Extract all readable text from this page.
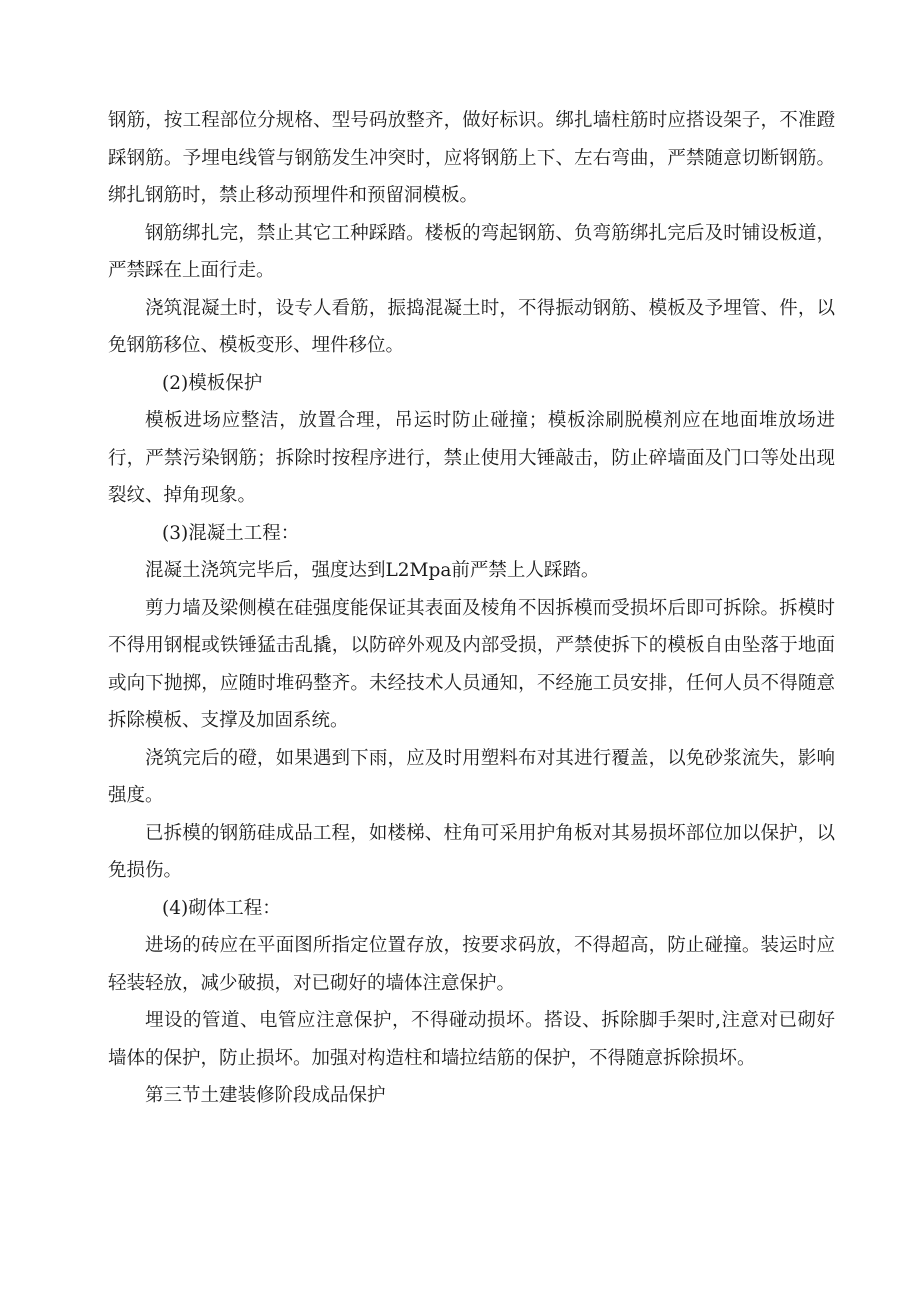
钢筋，按工程部位分规格、型号码放整齐，做好标识。绑扎墙柱筋时应搭设架子，不准蹬踩钢筋。予埋电线管与钢筋发生冲突时，应将钢筋上下、左右弯曲，严禁随意切断钢筋。绑扎钢筋时，禁止移动预埋件和预留洞模板。

钢筋绑扎完，禁止其它工种踩踏。楼板的弯起钢筋、负弯筋绑扎完后及时铺设板道，严禁踩在上面行走。

浇筑混凝土时，设专人看筋，振捣混凝土时，不得振动钢筋、模板及予埋管、件，以免钢筋移位、模板变形、埋件移位。

(2)模板保护

模板进场应整洁，放置合理，吊运时防止碰撞；模板涂刷脱模剂应在地面堆放场进行，严禁污染钢筋；拆除时按程序进行，禁止使用大锤敲击，防止碎墙面及门口等处出现裂纹、掉角现象。

(3)混凝土工程：

混凝土浇筑完毕后，强度达到L2Mpa前严禁上人踩踏。

剪力墙及梁侧模在硅强度能保证其表面及棱角不因拆模而受损坏后即可拆除。拆模时不得用钢棍或铁锤猛击乱撬，以防碎外观及内部受损，严禁使拆下的模板自由坠落于地面或向下抛掷，应随时堆码整齐。未经技术人员通知，不经施工员安排，任何人员不得随意拆除模板、支撑及加固系统。

浇筑完后的磴，如果遇到下雨，应及时用塑料布对其进行覆盖，以免砂浆流失，影响强度。

已拆模的钢筋硅成品工程，如楼梯、柱角可采用护角板对其易损坏部位加以保护，以免损伤。

(4)砌体工程：

进场的砖应在平面图所指定位置存放，按要求码放，不得超高，防止碰撞。装运时应轻装轻放，减少破损，对已砌好的墙体注意保护。

埋设的管道、电管应注意保护，不得碰动损坏。搭设、拆除脚手架时,注意对已砌好墙体的保护，防止损坏。加强对构造柱和墙拉结筋的保护，不得随意拆除损坏。

第三节土建装修阶段成品保护
